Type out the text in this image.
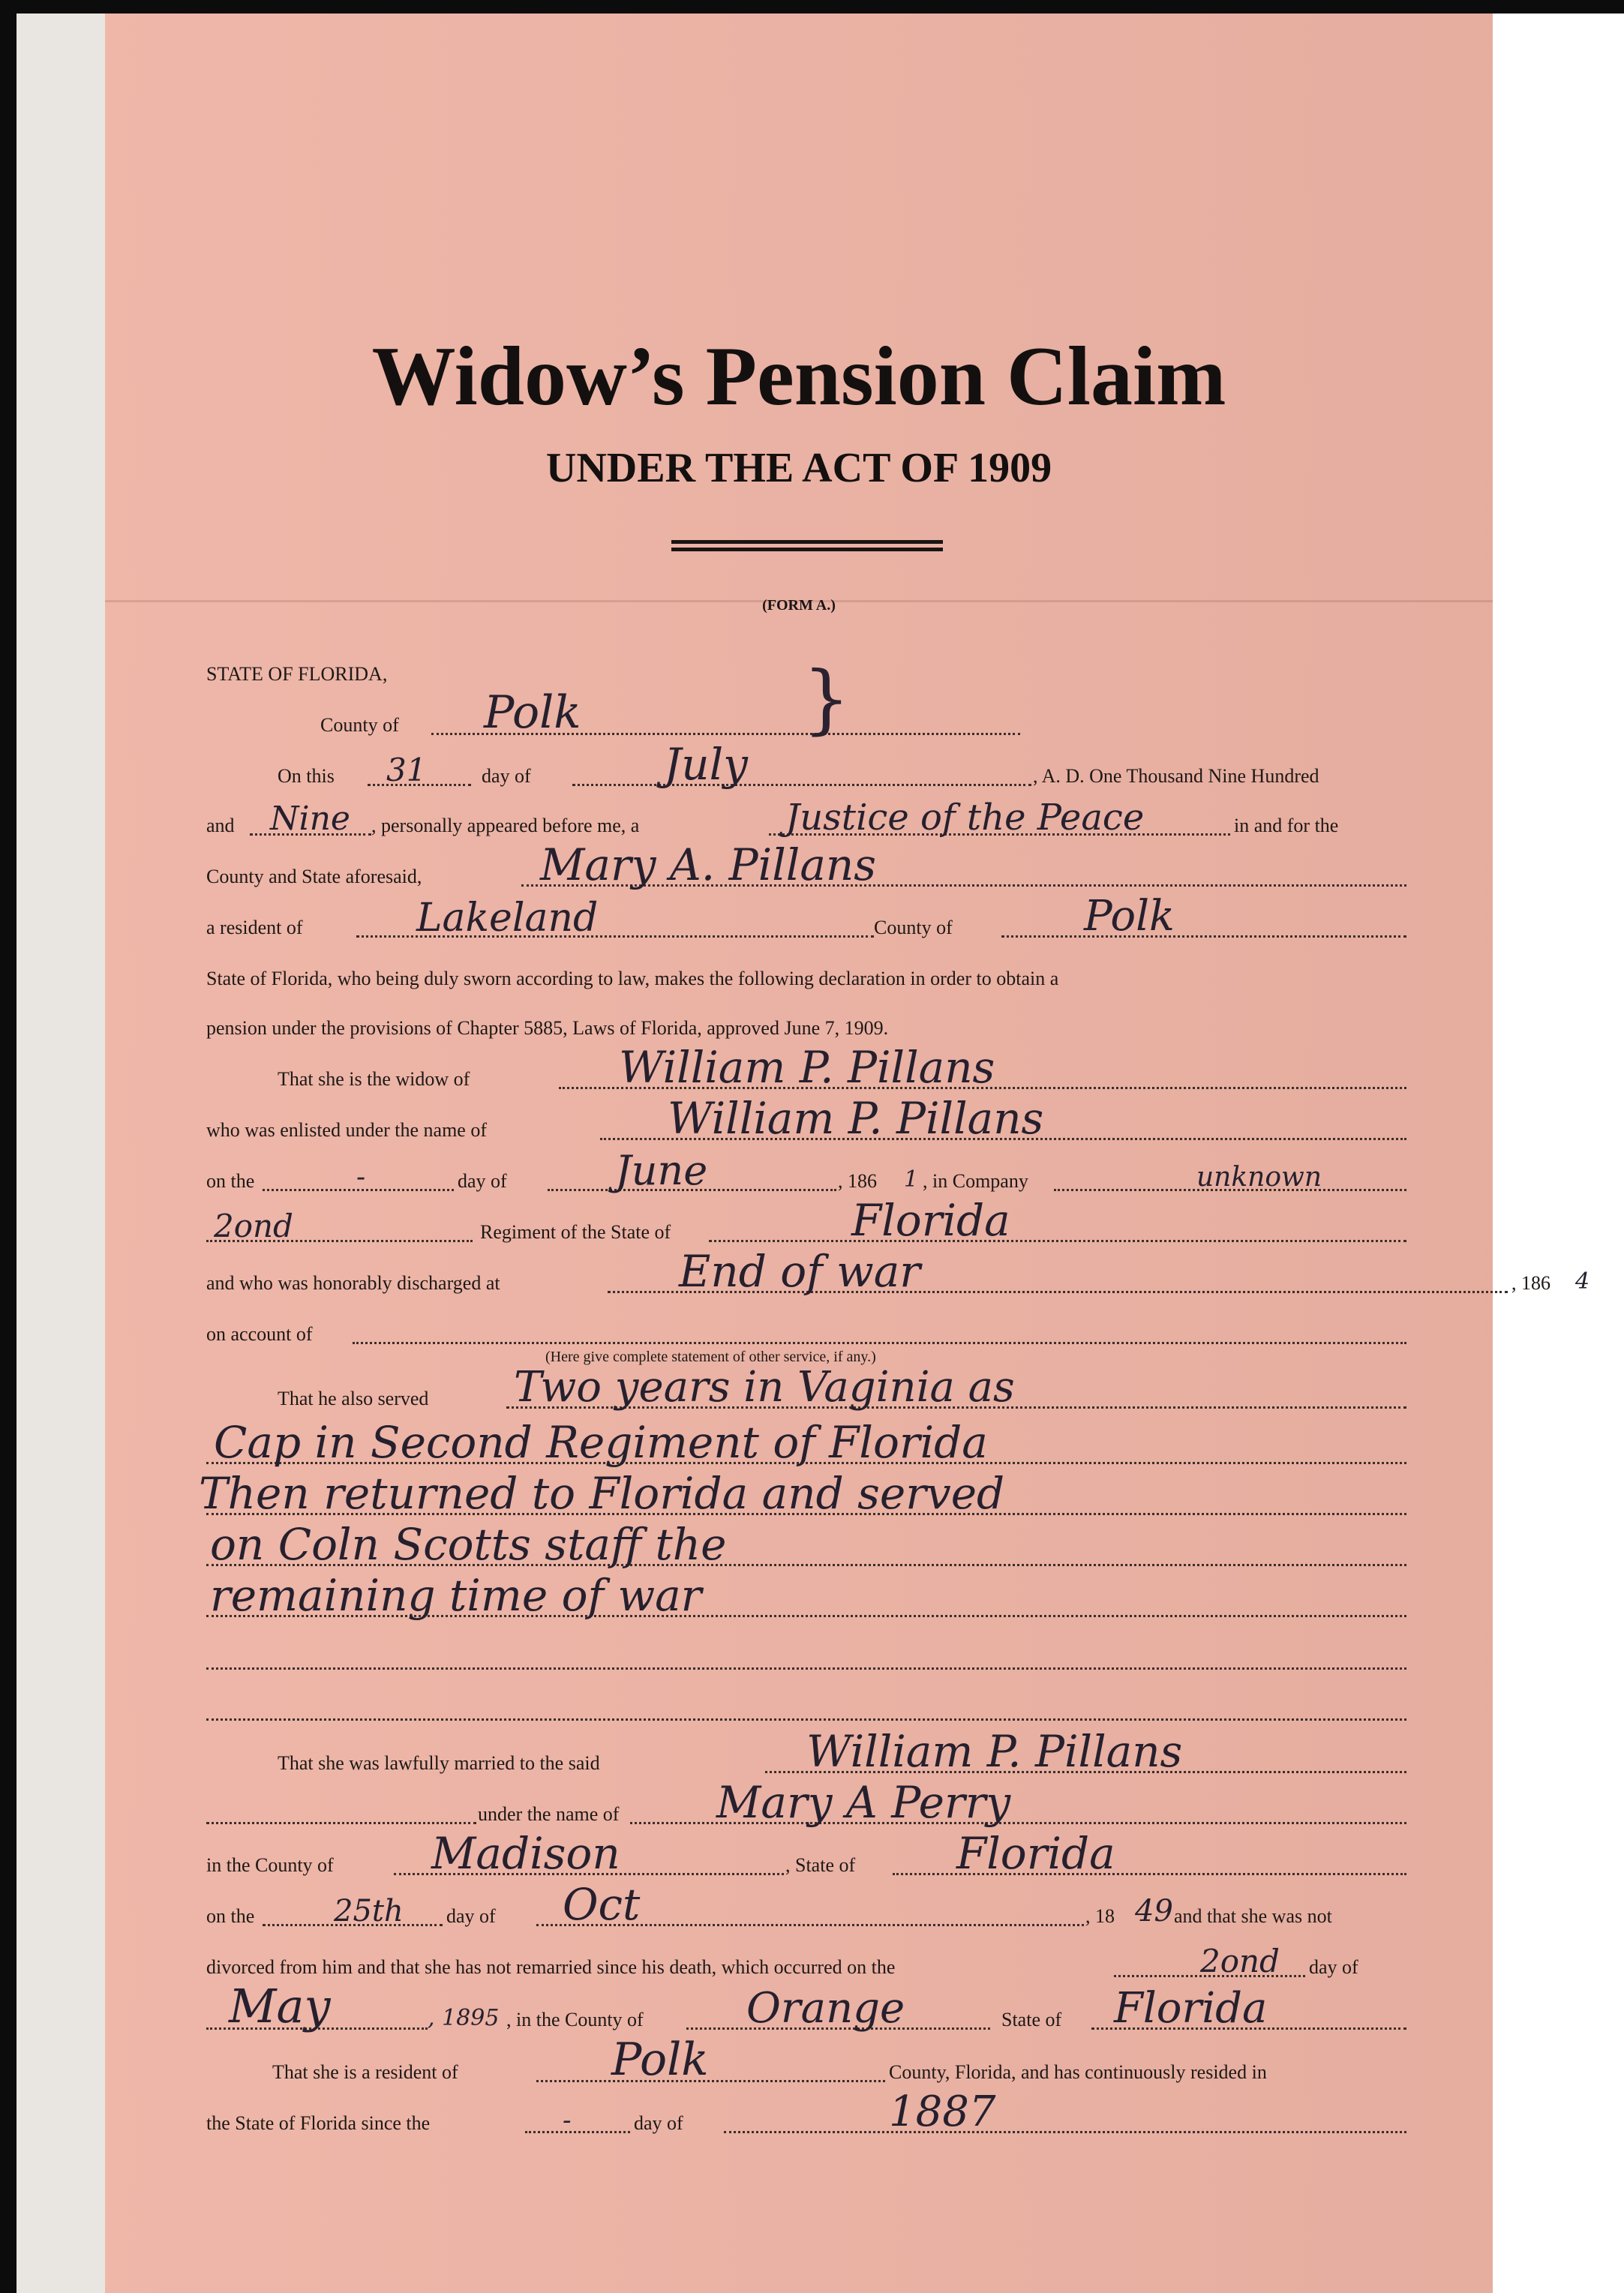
Widow’s Pension Claim
UNDER THE ACT OF 1909
(FORM A.)
STATE OF FLORIDA,
County of Polk	}
On this 31	day of	July	, A. D. One Thousand Nine Hundred
and Nine , personally appeared before me, a	Justice of the Peace	in and for the
County and State aforesaid,	Mary A. Pillans
a resident of	Lakeland	County of	Polk
State of Florida, who being duly sworn according to law, makes the following declaration in order to obtain a
pension under the provisions of Chapter 5885, Laws of Florida, approved June 7, 1909.
That she is the widow of	William P. Pillans
who was enlisted under the name of	William P. Pillans
on the	-	day of	June	, 186 1 , in Company	unknown
2ond	Regiment of the State of	Florida
and who was honorably discharged at	End of war	, 186 4
on account of
(Here give complete statement of other service, if any.)
That he also served Two years in Vaginia as
Cap in Second Regiment of Florida
Then returned to Florida and served
on Coln Scotts staff the
remaining time of war
That she was lawfully married to the said	William P. Pillans
under the name of Mary A Perry
in the County of Madison	, State of Florida
on the	25th day of Oct	, 18 49 and that she was not
divorced from him and that she has not remarried since his death, which occurred on the	2ond day of
May	, 1895 , in the County of Orange	State of Florida
That she is a resident of	Polk	County, Florida, and has continuously resided in
the State of Florida since the	-	day of	1887
